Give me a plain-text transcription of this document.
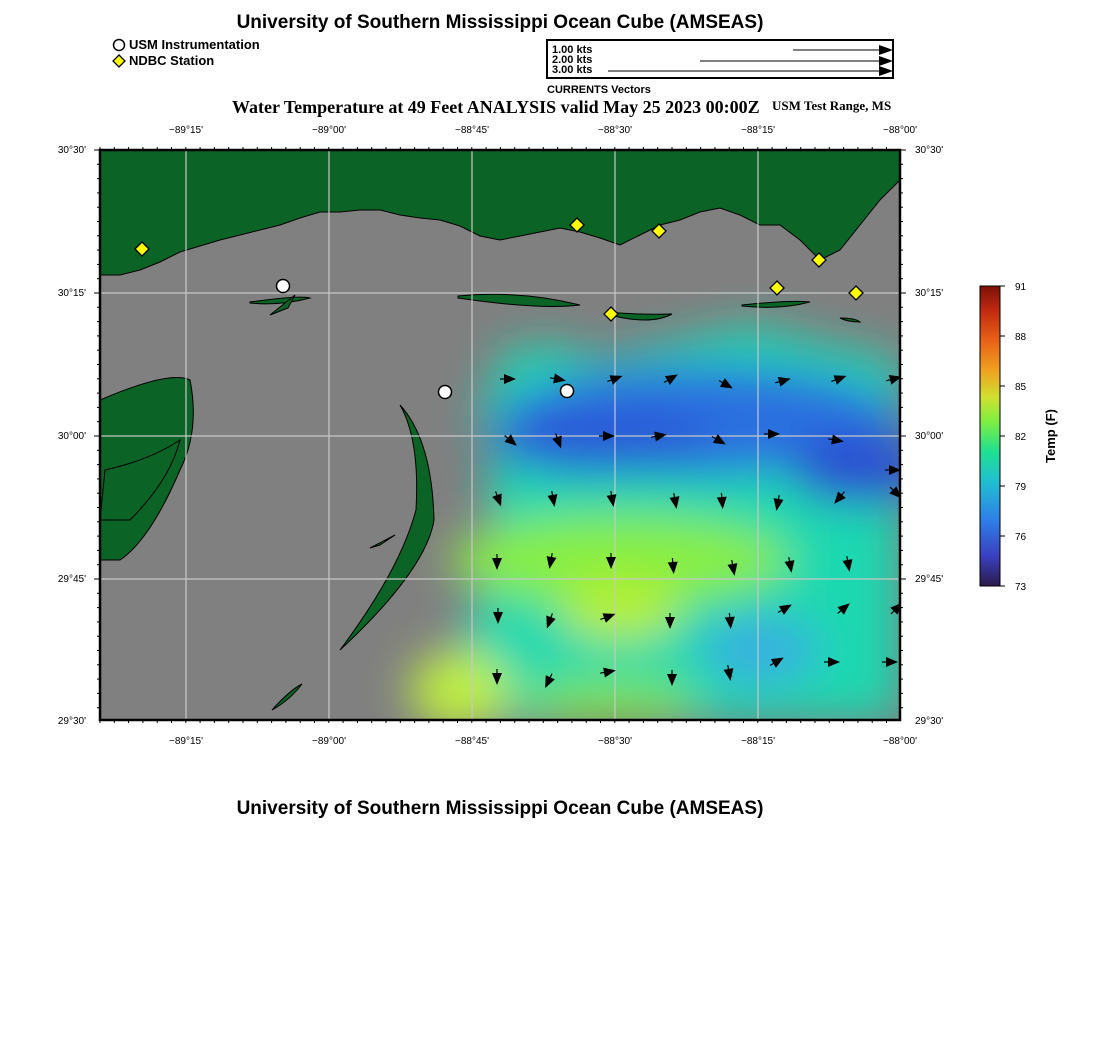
University of Southern Mississippi Ocean Cube (AMSEAS)
USM Instrumentation
NDBC Station
1.00 kts
2.00 kts
3.00 kts
CURRENTS Vectors
Water Temperature at 49 Feet ANALYSIS valid May 25 2023 00:00Z USM Test Range, MS
−89°15'	−89°00'	−88°45'	−88°30'	−88°15'	−88°00'
−89°15'	−89°00'	−88°45'	−88°30'	−88°15'	−88°00'
30°30'
30°15'
30°00'
29°45'
29°30'
30°30'
30°15'
30°00'
29°45'
29°30'
91
88
85
82
79
76
73
Temp (F)
University of Southern Mississippi Ocean Cube (AMSEAS)
